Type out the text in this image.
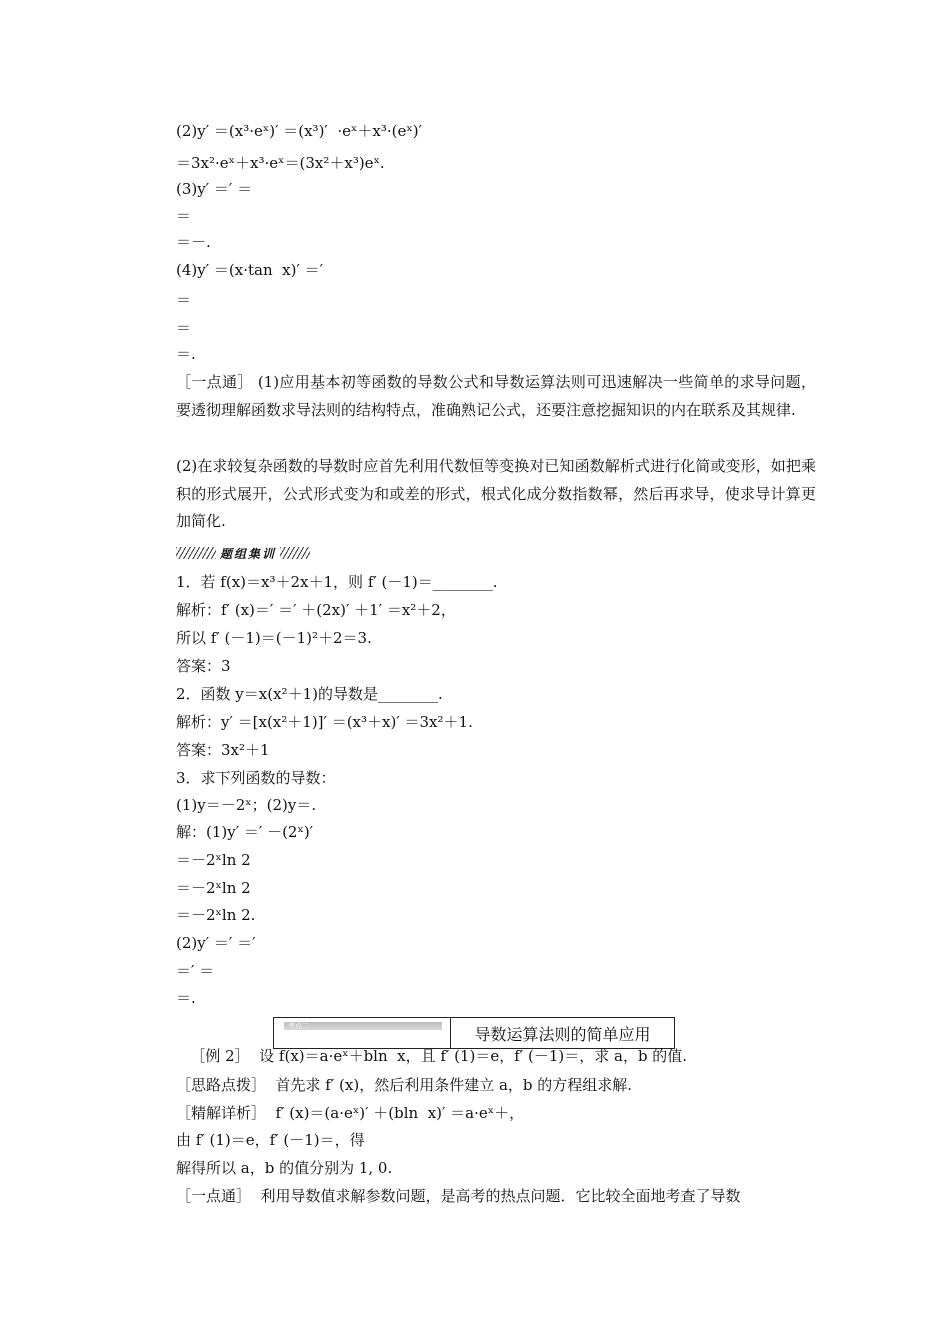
(2)y′ ＝(x³·eˣ)′ ＝(x³)′  ·eˣ＋x³·(eˣ)′
＝3x²·eˣ＋x³·eˣ＝(3x²＋x³)eˣ.
(3)y′ ＝′ ＝
＝
＝－.
(4)y′ ＝(x·tan  x)′ ＝′
＝
＝
＝.
［一点通］ (1)应用基本初等函数的导数公式和导数运算法则可迅速解决一些简单的求导问题，要透彻理解函数求导法则的结构特点，准确熟记公式，还要注意挖掘知识的内在联系及其规律.
(2)在求较复杂函数的导数时应首先利用代数恒等变换对已知函数解析式进行化简或变形，如把乘积的形式展开，公式形式变为和或差的形式，根式化成分数指数幂，然后再求导，使求导计算更加简化.
题组集训
1．若 f(x)＝x³＋2x＋1，则 f′ (－1)＝________.
解析：f′ (x)＝′ ＝′ ＋(2x)′ ＋1′ ＝x²＋2，
所以 f′ (－1)＝(－1)²＋2＝3.
答案：3
2．函数 y＝x(x²＋1)的导数是________.
解析：y′ ＝[x(x²＋1)]′ ＝(x³＋x)′ ＝3x²＋1.
答案：3x²＋1
3．求下列函数的导数：
(1)y＝－2ˣ；(2)y＝.
解：(1)y′ ＝′ －(2ˣ)′
＝－2ˣln 2
＝－2ˣln 2
＝－2ˣln 2.
(2)y′ ＝′ ＝′
＝′ ＝
＝.
考点二	导数运算法则的简单应用
［例 2］  设 f(x)＝a·eˣ＋bln  x，且 f′ (1)＝e，f′ (－1)＝，求 a，b 的值.
［思路点拨］  首先求 f′ (x)，然后利用条件建立 a，b 的方程组求解.
［精解详析］  f′ (x)＝(a·eˣ)′ ＋(bln  x)′ ＝a·eˣ＋，
由 f′ (1)＝e，f′ (－1)＝，得
解得所以 a，b 的值分别为 1, 0.
［一点通］  利用导数值求解参数问题，是高考的热点问题．它比较全面地考查了导数
